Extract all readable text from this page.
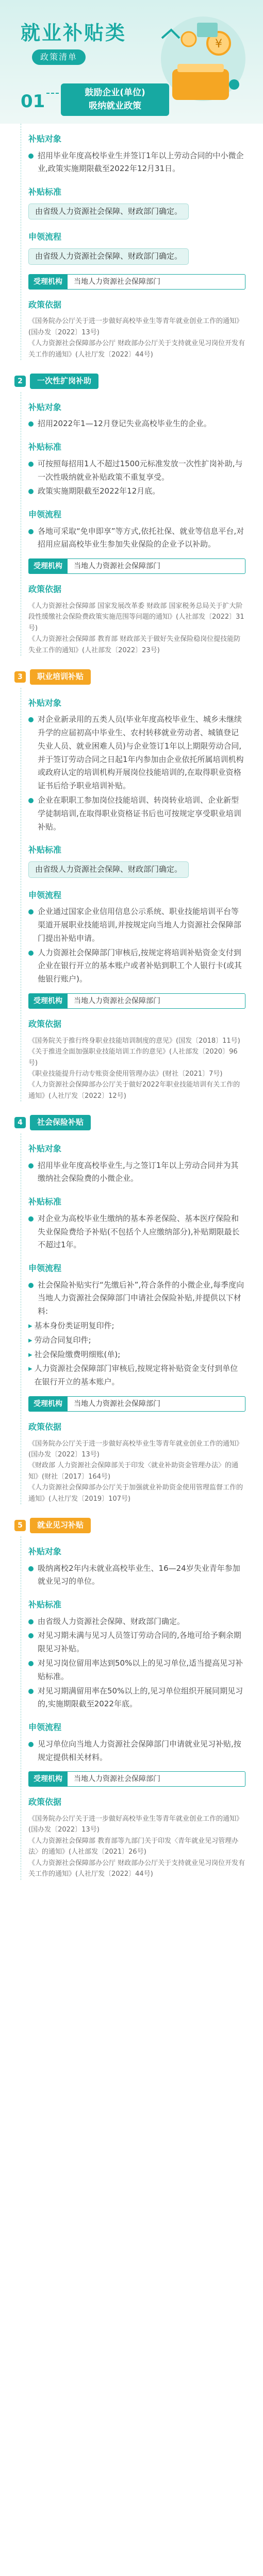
就业补贴类
政策清单
¥
01	鼓励企业(单位)
吸纳就业政策
补贴对象
招用毕业年度高校毕业生并签订1年以上劳动合同的中小微企业,政策实施期限截至2022年12月31日。
补贴标准
由省级人力资源社会保障、财政部门确定。
申领流程
由省级人力资源社会保障、财政部门确定。
受理机构	当地人力资源社会保障部门
政策依据
《国务院办公厅关于进一步做好高校毕业生等青年就业创业工作的通知》(国办发〔2022〕13号)
《人力资源社会保障部办公厅 财政部办公厅关于支持就业见习岗位开发有关工作的通知》(人社厅发〔2022〕44号)
2	一次性扩岗补助
补贴对象
招用2022年1—12月登记失业高校毕业生的企业。
补贴标准
可按照每招用1人不超过1500元标准发放一次性扩岗补助,与一次性吸纳就业补贴政策不重复享受。
政策实施期限截至2022年12月底。
申领流程
各地可采取“免申即享”等方式,依托社保、就业等信息平台,对招用应届高校毕业生参加失业保险的企业予以补助。
受理机构	当地人力资源社会保障部门
政策依据
《人力资源社会保障部 国家发展改革委 财政部 国家税务总局关于扩大阶段性缓缴社会保险费政策实施范围等问题的通知》(人社部发〔2022〕31号)
《人力资源社会保障部 教育部 财政部关于做好失业保险稳岗位提技能防失业工作的通知》(人社部发〔2022〕23号)
3	职业培训补贴
补贴对象
对企业新录用的五类人员(毕业年度高校毕业生、城乡未继续升学的应届初高中毕业生、农村转移就业劳动者、城镇登记失业人员、就业困难人员)与企业签订1年以上期限劳动合同,并于签订劳动合同之日起1年内参加由企业依托所属培训机构或政府认定的培训机构开展岗位技能培训的,在取得职业资格证书后给予职业培训补贴。
企业在职职工参加岗位技能培训、转岗转业培训、企业新型学徒制培训,在取得职业资格证书后也可按规定享受职业培训补贴。
补贴标准
由省级人力资源社会保障、财政部门确定。
申领流程
企业通过国家企业信用信息公示系统、职业技能培训平台等渠道开展职业技能培训,并按规定向当地人力资源社会保障部门提出补贴申请。
人力资源社会保障部门审核后,按规定将培训补贴资金支付到企业在银行开立的基本账户或者补贴到职工个人银行卡(或其他银行账户)。
受理机构	当地人力资源社会保障部门
政策依据
《国务院关于推行终身职业技能培训制度的意见》(国发〔2018〕11号)
《关于推进全面加强职业技能培训工作的意见》(人社部发〔2020〕96号)
《职业技能提升行动专账资金使用管理办法》(财社〔2021〕7号)
《人力资源社会保障部办公厅关于做好2022年职业技能培训有关工作的通知》(人社厅发〔2022〕12号)
4	社会保险补贴
补贴对象
招用毕业年度高校毕业生,与之签订1年以上劳动合同并为其缴纳社会保险费的小微企业。
补贴标准
对企业为高校毕业生缴纳的基本养老保险、基本医疗保险和失业保险费给予补贴(不包括个人应缴纳部分),补贴期限最长不超过1年。
申领流程
社会保险补贴实行“先缴后补”,符合条件的小微企业,每季度向当地人力资源社会保障部门申请社会保险补贴,并提供以下材料:
▸ 基本身份类证明复印件;
▸ 劳动合同复印件;
▸ 社会保险缴费明细账(单);
▸ 人力资源社会保障部门审核后,按规定将补贴资金支付到单位在银行开立的基本账户。
受理机构	当地人力资源社会保障部门
政策依据
《国务院办公厅关于进一步做好高校毕业生等青年就业创业工作的通知》(国办发〔2022〕13号)
《财政部 人力资源社会保障部关于印发〈就业补助资金管理办法〉的通知》(财社〔2017〕164号)
《人力资源社会保障部办公厅关于加强就业补助资金使用管理监督工作的通知》(人社厅发〔2019〕107号)
5	就业见习补贴
补贴对象
吸纳离校2年内未就业高校毕业生、16—24岁失业青年参加就业见习的单位。
补贴标准
由省级人力资源社会保障、财政部门确定。
对见习期未满与见习人员签订劳动合同的,各地可给予剩余期限见习补贴。
对见习岗位留用率达到50%以上的见习单位,适当提高见习补贴标准。
对见习期满留用率在50%以上的,见习单位组织开展同期见习的,实施期限截至2022年底。
申领流程
见习单位向当地人力资源社会保障部门申请就业见习补贴,按规定提供相关材料。
受理机构	当地人力资源社会保障部门
政策依据
《国务院办公厅关于进一步做好高校毕业生等青年就业创业工作的通知》(国办发〔2022〕13号)
《人力资源社会保障部 教育部等九部门关于印发〈青年就业见习管理办法〉的通知》(人社部发〔2021〕26号)
《人力资源社会保障部办公厅 财政部办公厅关于支持就业见习岗位开发有关工作的通知》(人社厅发〔2022〕44号)
